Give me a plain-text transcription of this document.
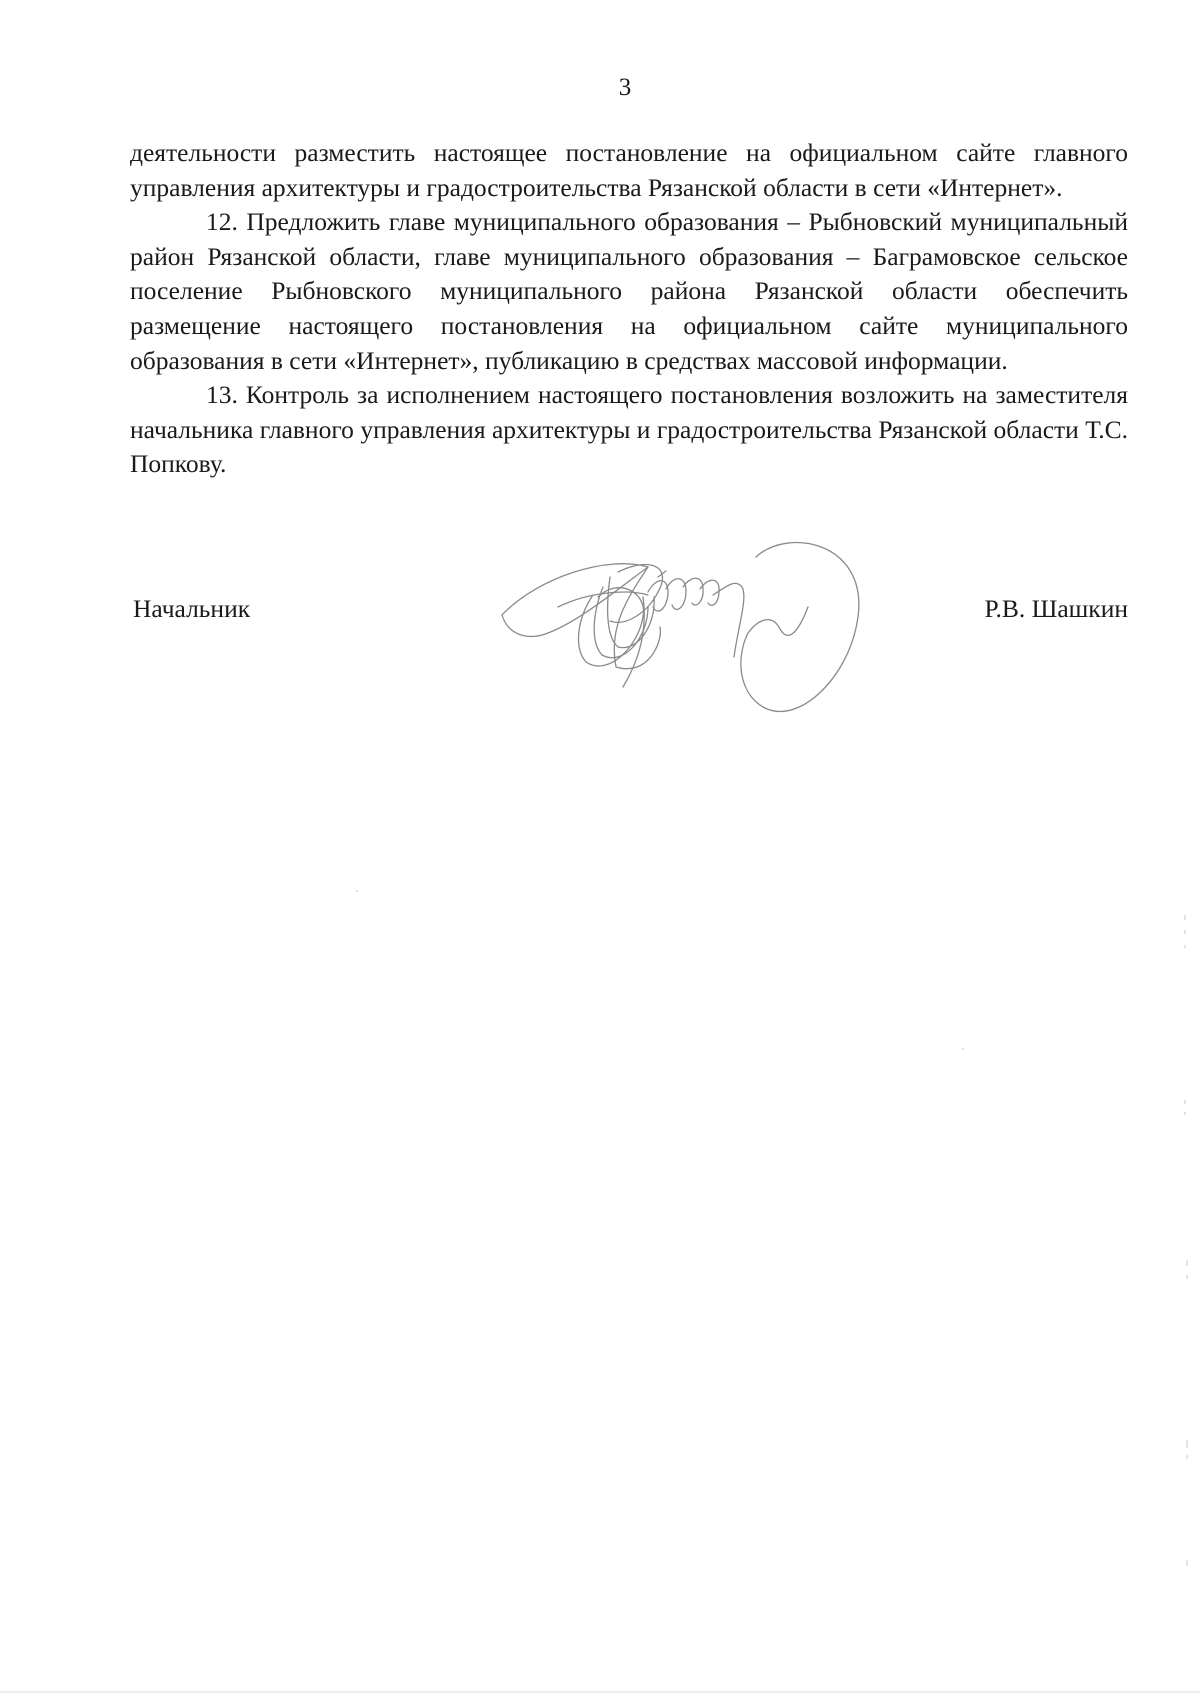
3

деятельности разместить настоящее постановление на официальном сайте главного управления архитектуры и градостроительства Рязанской области в сети «Интернет».

12. Предложить главе муниципального образования – Рыбновский муниципальный район Рязанской области, главе муниципального образования – Баграмовское сельское поселение Рыбновского муниципального района Рязанской области обеспечить размещение настоящего постановления на официальном сайте муниципального образования в сети «Интернет», публикацию в средствах массовой информации.

13. Контроль за исполнением настоящего постановления возложить на заместителя начальника главного управления архитектуры и градостроительства Рязанской области Т.С. Попкову.

Начальник	Р.В. Шашкин
